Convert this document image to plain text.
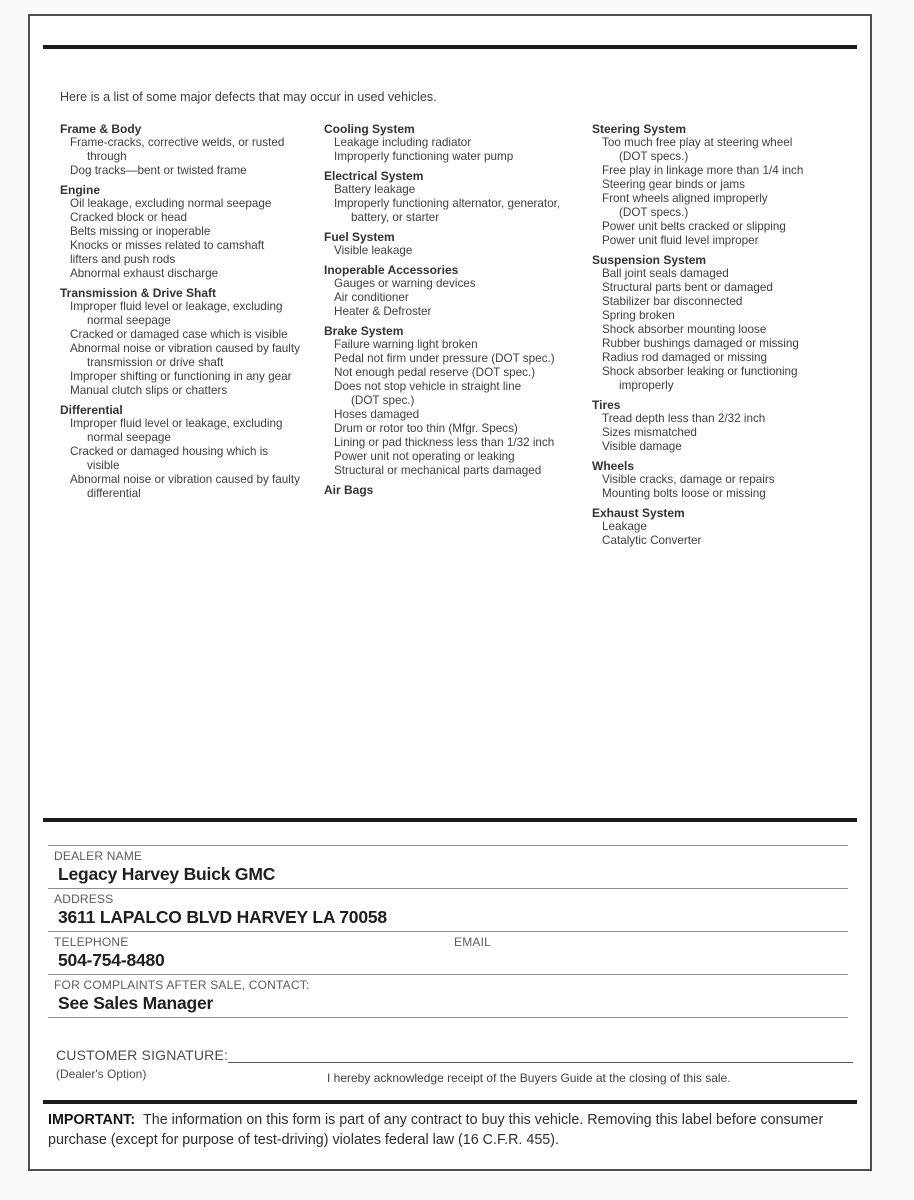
Here is a list of some major defects that may occur in used vehicles.

Frame & Body
Frame-cracks, corrective welds, or rusted
through
Dog tracks—bent or twisted frame
Engine
Oil leakage, excluding normal seepage
Cracked block or head
Belts missing or inoperable
Knocks or misses related to camshaft
lifters and push rods
Abnormal exhaust discharge
Transmission & Drive Shaft
Improper fluid level or leakage, excluding
normal seepage
Cracked or damaged case which is visible
Abnormal noise or vibration caused by faulty
transmission or drive shaft
Improper shifting or functioning in any gear
Manual clutch slips or chatters
Differential
Improper fluid level or leakage, excluding
normal seepage
Cracked or damaged housing which is
visible
Abnormal noise or vibration caused by faulty
differential
Cooling System
Leakage including radiator
Improperly functioning water pump
Electrical System
Battery leakage
Improperly functioning alternator, generator,
battery, or starter
Fuel System
Visible leakage
Inoperable Accessories
Gauges or warning devices
Air conditioner
Heater & Defroster
Brake System
Failure warning light broken
Pedal not firm under pressure (DOT spec.)
Not enough pedal reserve (DOT spec.)
Does not stop vehicle in straight line
(DOT spec.)
Hoses damaged
Drum or rotor too thin (Mfgr. Specs)
Lining or pad thickness less than 1/32 inch
Power unit not operating or leaking
Structural or mechanical parts damaged
Air Bags
Steering System
Too much free play at steering wheel
(DOT specs.)
Free play in linkage more than 1/4 inch
Steering gear binds or jams
Front wheels aligned improperly
(DOT specs.)
Power unit belts cracked or slipping
Power unit fluid level improper
Suspension System
Ball joint seals damaged
Structural parts bent or damaged
Stabilizer bar disconnected
Spring broken
Shock absorber mounting loose
Rubber bushings damaged or missing
Radius rod damaged or missing
Shock absorber leaking or functioning
improperly
Tires
Tread depth less than 2/32 inch
Sizes mismatched
Visible damage
Wheels
Visible cracks, damage or repairs
Mounting bolts loose or missing
Exhaust System
Leakage
Catalytic Converter
DEALER NAME
Legacy Harvey Buick GMC
ADDRESS
3611 LAPALCO BLVD HARVEY LA 70058
TELEPHONE	EMAIL
504-754-8480
FOR COMPLAINTS AFTER SALE, CONTACT:
See Sales Manager
CUSTOMER SIGNATURE:
(Dealer's Option)	I hereby acknowledge receipt of the Buyers Guide at the closing of this sale.

IMPORTANT: The information on this form is part of any contract to buy this vehicle. Removing this label before consumer purchase (except for purpose of test-driving) violates federal law (16 C.F.R. 455).
